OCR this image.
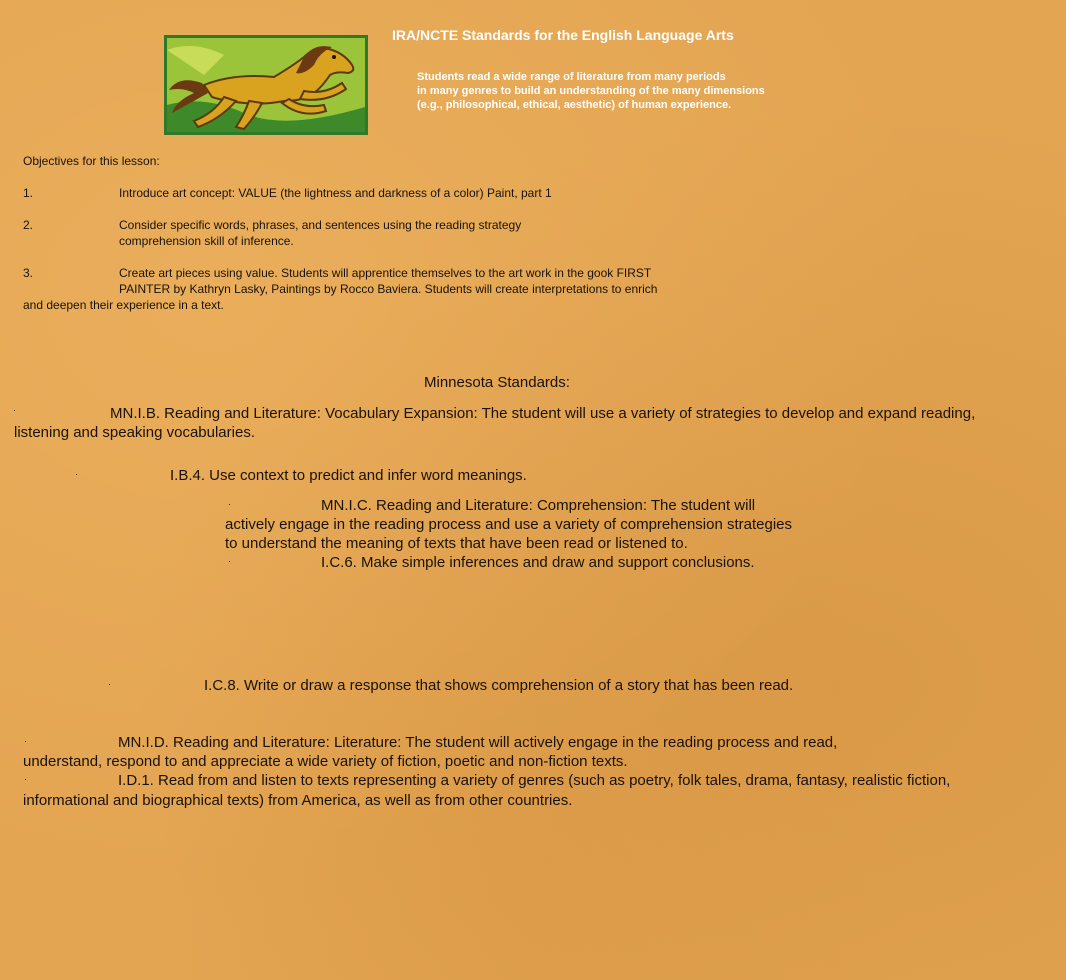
IRA/NCTE Standards for the English Language Arts
Students read a wide range of literature from many periods
in many genres to build an understanding of the many dimensions
(e.g., philosophical, ethical, aesthetic) of human experience.
Objectives for this lesson:
1.	Introduce art concept: VALUE (the lightness and darkness of a color) Paint, part 1
2.	Consider specific words, phrases, and sentences using the reading strategy
comprehension skill of inference.
3.	Create art pieces using value. Students will apprentice themselves to the art work in the gook FIRST
PAINTER by Kathryn Lasky, Paintings by Rocco Baviera. Students will create interpretations to enrich
and deepen their experience in a text.
Minnesota Standards:
·	MN.I.B. Reading and Literature: Vocabulary Expansion: The student will use a variety of strategies to develop and expand reading,
listening and speaking vocabularies.
·	I.B.4. Use context to predict and infer word meanings.
·	MN.I.C. Reading and Literature: Comprehension: The student will
actively engage in the reading process and use a variety of comprehension strategies
to understand the meaning of texts that have been read or listened to.
·	I.C.6. Make simple inferences and draw and support conclusions.
·	I.C.8. Write or draw a response that shows comprehension of a story that has been read.
·	MN.I.D. Reading and Literature: Literature: The student will actively engage in the reading process and read,
understand, respond to and appreciate a wide variety of fiction, poetic and non-fiction texts.
·	I.D.1. Read from and listen to texts representing a variety of genres (such as poetry, folk tales, drama, fantasy, realistic fiction,
informational and biographical texts) from America, as well as from other countries.
